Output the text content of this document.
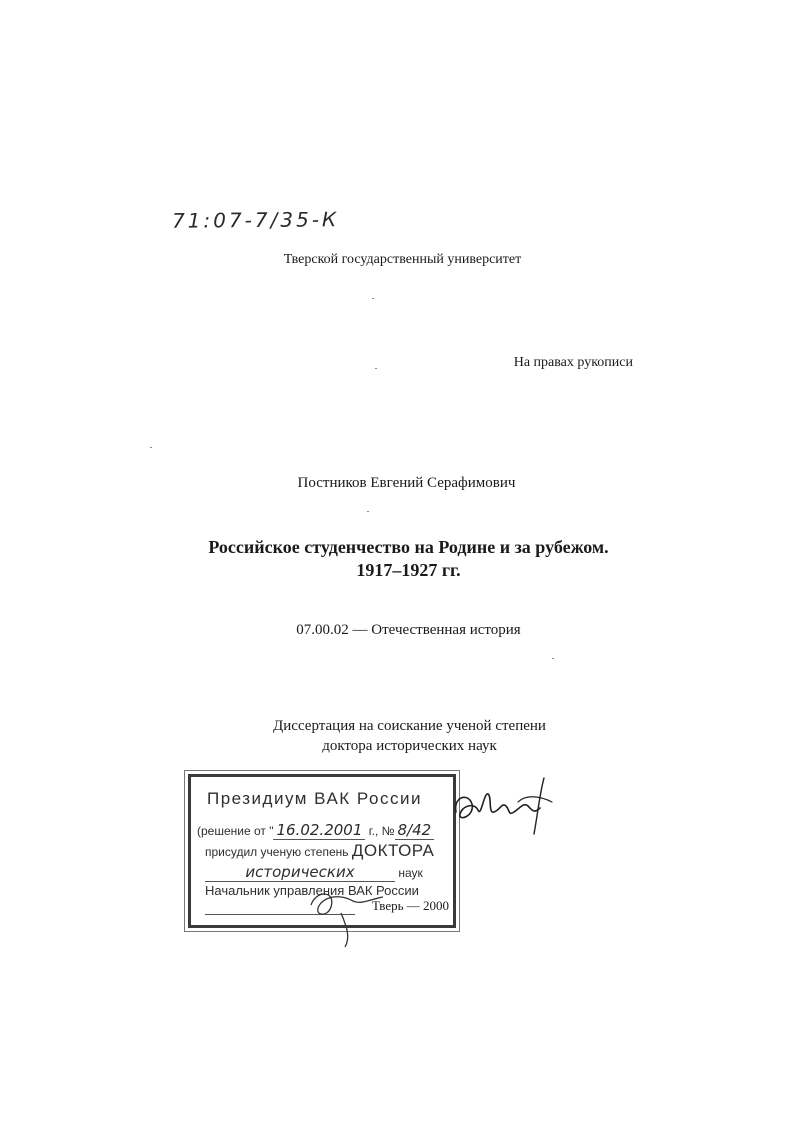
71:07-7/35-К
Тверской государственный университет
На правах рукописи
Постников Евгений Серафимович
Российское студенчество на Родине и за рубежом.
1917–1927 гг.
07.00.02 — Отечественная история
Диссертация на соискание ученой степени
доктора исторических наук
Президиум ВАК России
(решение от " 16.02.2001 г., № 8/42
присудил ученую степень ДОКТОРА
исторических	наук
Начальник управления ВАК России
Тверь — 2000
